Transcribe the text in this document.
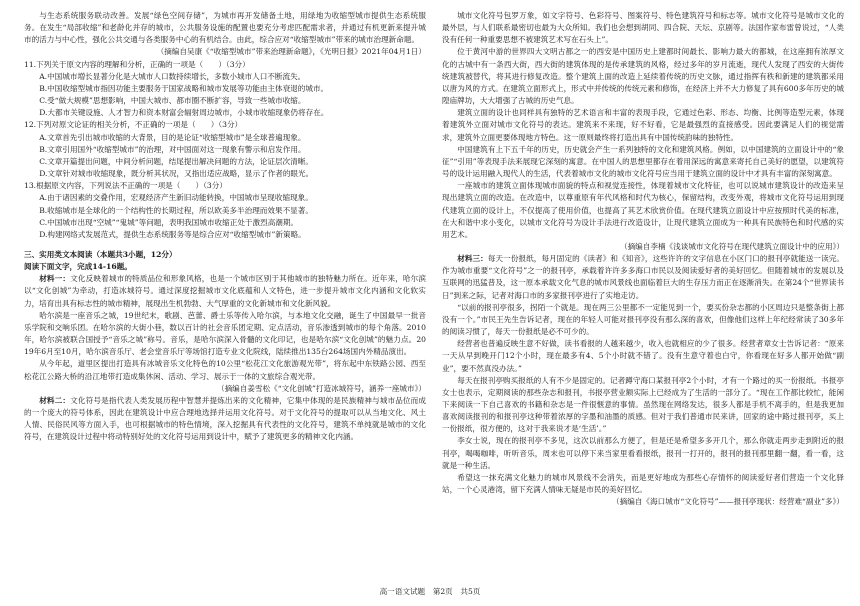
与生态系统服务联动改善。发展“绿色空间存储”，为城市再开发储备土地，用绿地为收缩型城市提供生态系统服务。在发生“局部收缩”和老龄化并存的城市，公共服务设施的配置也要充分考虑匹配需求者，并通过有机更新来提升城市的活力与中心性，强化公共交通与各类服务中心的有机结合。由此，综合应对“收缩型城市”带来的城市治理新命题。

（摘编自吴康《“收缩型城市”带来治理新命题》，《光明日报》2021年04月1日）

11.下列关于原文内容的理解和分析，正确的一项是（　　）（3分）

A.中国城市増长显著分化是大城市人口数持续增长，多数小城市人口不断流失。

B.中国收缩型城市指因功能主要服务于国家战略和城市发展等功能由主体衰退的城市。

C.受“做大规模”思想影响，中国大城市、都市圈不断扩容，导致一些城市收缩。

D.大都市关键设施、人才智力和资本财富会辐射周边城市，小城市收缩现象仍将存在。

12.下列对原文论证的相关分析，不正确的一项是（　　）（3分）

A.文章首先引出城市收缩的大背景，目的是论证“收缩型城市”是全球普遍现象。

B.文章引用国外“收缩型城市”的治理，对中国面对这一现象有警示和启发作用。

C.文章开篇提出问题，中间分析问题，结尾提出解决问题的方法，论证层次清晰。

D.文章针对城市收缩现象，既分析其状况，又指出适应战略，显示了作者的眼光。

13.根据原文内容，下列说法不正确的一项是（　　）（3分）

A.由于诸因素的交叠作用，宏观经济产生新旧动能转换，中国城市呈现收缩现象。

B.收缩城市是全球化的一个结构性的长期过程，所以欧美多半治理而效果不显著。

C.中国城市出现“空城”“鬼城”等问题，表明我国城市收缩正处于激烈高潮期。

D.构建网络式发展范式，提供生态系统服务等是综合应对“收缩型城市”新策略。

三、实用类文本阅读（本题共3小题，12分）

阅读下面文字，完成14-16题。

材料一：文化反映着城市的特质品位和形象风格，也是一个城市区别于其他城市的独特魅力所在。近年来，哈尔滨以“文化创城”为牵动，打造冰城符号。通过深度挖掘城市文化底蕴和人文特色，进一步提升城市文化内涵和文化软实力，培育出具有标志性的城市精神，展现出生机勃勃、大气厚重的文化新城市和文化新风貌。

哈尔滨是一座音乐之城，19世纪末，歌剧、芭蕾、爵士乐等传入哈尔滨，与本地文化交融，诞生了中国最早一批音乐学院和交响乐团。在哈尔滨的大街小巷，数以百计的社会音乐团定期、定点活动，音乐渗透到城市的每个角落。2010年，哈尔滨被联合国授予“音乐之城”称号。音乐，是哈尔滨深入骨髓的文化印记，也是哈尔滨“文化创城”的魅力点。2019年6月至10月，哈尔滨音乐厅、老会堂音乐厅等场馆打造专业文化院线，陆续推出135台264场国内外精品演出。

从今年起，道里区提出打造具有冰城音乐文化特色的10公里“松花江文化旅游观光带”，将东起中东铁路公园、西至松花江公路大桥的沿江地带打造成集休闲、活动、学习、展示于一体的文旅综合观光带。

（摘编自姜雪松《“文化创城”打造冰城符号，涵养一座城市》）

材料二：文化符号是指代表人类发展历程中智慧并提炼出来的文化精神，它集中体现的是民族精神与城市品位而成的一个庞大的符号体系，因此在建筑设计中应合理地选择并运用文化符号。对于文化符号的提取可以从当地文化、风土人情、民俗民风等方面入手，也可根据城市的特色情境，深入挖掘具有代表性的文化符号，建筑不单纯就是城市的文化符号，在建筑设计过程中将动特别好处的文化符号运用到设计中，赋予了建筑更多的精神文化内涵。

城市文化符号包罗万象，如文字符号、色彩符号、图案符号、特色建筑符号和标志等。城市文化符号是城市文化的最外层，与人们联系最密切也最为大众所知。我们也会想到胡同、四合院、天坛、京剧等。法国作家布雷曾说过，“人类没有任何一种重要思想不被建筑艺术写在石头上”。

位于黄河中游的世界四大文明古都之一的西安是中国历史上建都时间最长、影响力最大的都城，在这座拥有浓厚文化的古城中有一条西大街，西大街的建筑体现的是传承建筑的风格，经过多年的岁月流逝，现代人发现了西安的大街传统建筑被替代，将其进行修复改造。整个建筑上面的改造上延续着传统的历史文脉，通过指挥有秩和新建的建筑都采用以唐为风的方式。在建筑立面形式上，形式中并传统的传统元素和修饰，在经济上并不大力修复了具有600多年历史的城隍庙牌坊，大大增强了古城的历史气息。

建筑立面的设计也同样具有独特的艺术语言和丰富的表现手段，它通过色彩、形态、均衡、比例等造型元素，体现着建筑外立面对城市文化符号的表达。建筑来不来现，好不好看，它是最强烈的直接感受。因此要满足人们的视觉需求，建筑外立面更要体现地方特色。这一原则最终将打造出具有中国传统韵味的独特性。

中国建筑有上下五千年的历史，历史就会产生一系列独特的文化和建筑风格。例如，以中国建筑的立面设计中的“象征”“引用”等表现手法来展现它深刻的寓意。在中国人的思想里都存在着用深远的寓意来寄托自己美好的愿望，以建筑符号的设计运用融入现代人的生活，代表着城市文化的城市文化符号应当用于建筑立面的设计中才具有丰富的深刻寓意。

一座城市的建筑立面体现城市面貌的特点和视觉连接性，体现着城市文化特征，也可以说城市建筑设计的改造来呈现出建筑立面的改造。在改造中，以尊重原有年代风格和时代为核心，保留结构，改变外观，将城市文化符号运用到现代建筑立面的设计上，不仅提高了使用价值，也提高了其艺术欣赏价值。在现代建筑立面设计中应按照时代美的标准，在大和谐中求小变化，以城市文化符号为设计手法进行改造设计，让现代建筑立面成为一种具有民族特色和时代感的实用艺术。

（摘编自李楠《浅谈城市文化符号在现代建筑立面设计中的应用》）

材料三：每天一份报纸，每月固定的《读者》和《知音》，这些许许的文字信息在小区门口的报刊亭就能送一读完。作为城市重要“文化符号”之一的报刊亭，承载着许许多多海口市民以及阅读爱好者的美好回忆。但随着城市的发展以及互联网的迅猛普及，这一原本承载文化气息的城市风景线也面临着巨大的生存压力而正在逐渐消失。在第24个“世界读书日”到来之际，记者对海口市的多家报刊亭进行了实地走访。

“以前的报刊亭很多，拐陌一个就是。现在两三公里都不一定能见到一个，要买份杂志都的小区周边只是整条街上都没有一个。”市民王先生告诉记者，现在的年轻人可能对报刊亭没有那么深的喜欢，但像他们这样上年纪经常读了30多年的阅读习惯了，每天一份报纸是必不可少的。

经营者也普遍反映生意不好做，读书看报的人越来越少，收入也就相应的少了很多。经营者章女士告诉记者：“原来一天从早到晚开门12个小时，现在最多有4、5个小时就不错了。没有生意守着也白守，你看现在好多人都开始做“副业”，要不然真没办法。”

每天在报刊亭购买报纸的人有不少是固定的。记者蹲守海口某报刊亭2个小时，才有一个路过的买一份报纸。书报亭女士也表示，定期阅读的那些杂志和报刊，书报亭营业额实际上已经成为了生活的一部分了。“现在工作都比较忙，能闲下来阅读一下自己喜欢的书籍和杂志是一件很惬意的事情。虽然现在网络发达，很多人都是手机不离手的，但是我更加喜欢阅读报刊的和报刊亭这种带着浓厚的字墨和油墨的质感。但对于我们普通市民来讲，回家的途中路过报刊亭，买上一份报纸，很方便的，这对于我来说才是‘生活’。”

李女士说，现在的报刊亭不多见，这次以前那么方便了，但是还是希望多多开几个，那么你就走两步走到附近的报刊亭，喝喝咖啡，听听音乐，周末也可以停下来当家里看看报纸，报刊一打开的，报刊的报刊那里翻一翻，看一看，这就是一种生活。

希望这一抹充满文化魅力的城市风景线不会消失，而是更好地成为那些心存情怀的阅读爱好者们营造一个文化驿站，一个心灵港湾，留下充满人情味无疑是市民的美好回忆。

（摘编自《海口城市“文化符号”——报刊亭现状：经营难“副业”多》）

高一语文试题　第2页　共5页
